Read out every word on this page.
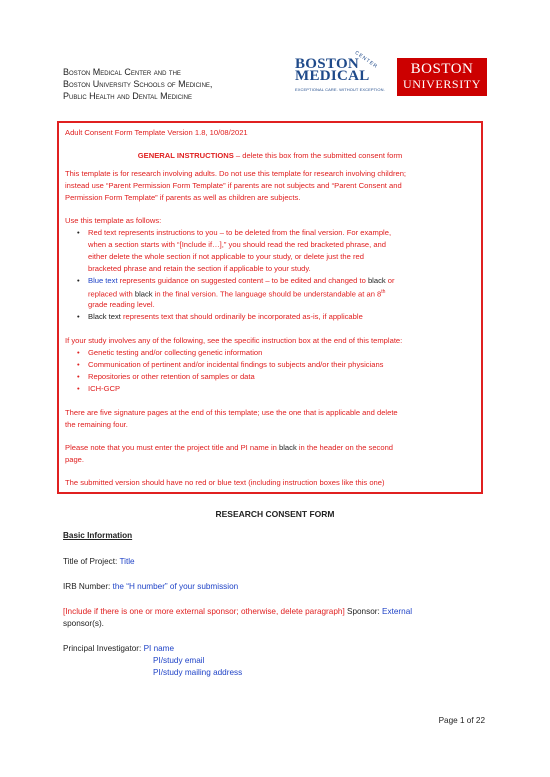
Boston Medical Center and the
Boston University Schools of Medicine,
Public Health and Dental Medicine
CENTER
BOSTON
MEDICAL
EXCEPTIONAL CARE. WITHOUT EXCEPTION.
BOSTON
UNIVERSITY
Adult Consent Form Template Version 1.8, 10/08/2021
GENERAL INSTRUCTIONS – delete this box from the submitted consent form
This template is for research involving adults. Do not use this template for research involving children;
instead use “Parent Permission Form Template” if parents are not subjects and “Parent Consent and
Permission Form Template” if parents as well as children are subjects.
Use this template as follows:
• Red text represents instructions to you – to be deleted from the final version. For example,
when a section starts with “[Include if…],” you should read the red bracketed phrase, and
either delete the whole section if not applicable to your study, or delete just the red
bracketed phrase and retain the section if applicable to your study.
• Blue text represents guidance on suggested content – to be edited and changed to black or
replaced with black in the final version. The language should be understandable at an 8th
grade reading level.
• Black text represents text that should ordinarily be incorporated as-is, if applicable
If your study involves any of the following, see the specific instruction box at the end of this template:
• Genetic testing and/or collecting genetic information
• Communication of pertinent and/or incidental findings to subjects and/or their physicians
• Repositories or other retention of samples or data
• ICH-GCP
There are five signature pages at the end of this template; use the one that is applicable and delete
the remaining four.
Please note that you must enter the project title and PI name in black in the header on the second
page.
The submitted version should have no red or blue text (including instruction boxes like this one)
RESEARCH CONSENT FORM
Basic Information
Title of Project: Title
IRB Number: the “H number” of your submission
[Include if there is one or more external sponsor; otherwise, delete paragraph] Sponsor: External
sponsor(s).
Principal Investigator: PI name
PI/study email
PI/study mailing address
Page 1 of 22
